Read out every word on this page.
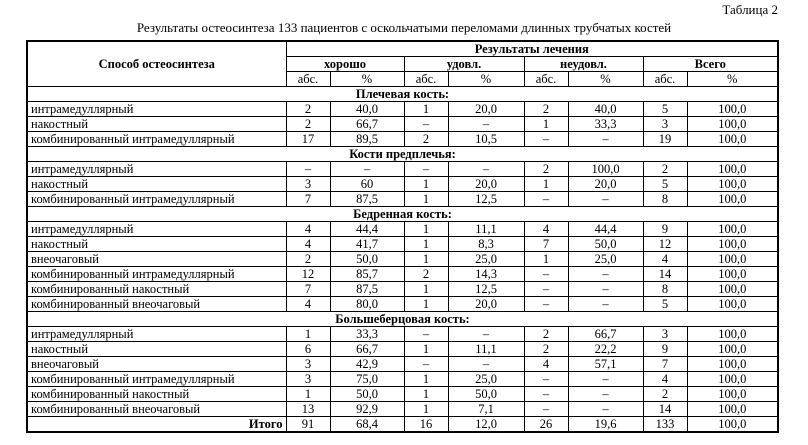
Таблица 2
Результаты остеосинтеза 133 пациентов с оскольчатыми переломами длинных трубчатых костей
Способ остеосинтеза	Результаты лечения							
	хорошо		удовл.		неудовл.		Всего	
	абс.	%	абс.	%	абс.	%	абс.	%
Плечевая кость:								
интрамедуллярный	2	40,0	1	20,0	2	40,0	5	100,0
накостный	2	66,7	–	–	1	33,3	3	100,0
комбинированный интрамедуллярный	17	89,5	2	10,5	–	–	19	100,0
Кости предплечья:								
интрамедуллярный	–	–	–	–	2	100,0	2	100,0
накостный	3	60	1	20,0	1	20,0	5	100,0
комбинированный интрамедуллярный	7	87,5	1	12,5	–	–	8	100,0
Бедренная кость:								
интрамедуллярный	4	44,4	1	11,1	4	44,4	9	100,0
накостный	4	41,7	1	8,3	7	50,0	12	100,0
внеочаговый	2	50,0	1	25,0	1	25,0	4	100,0
комбинированный интрамедуллярный	12	85,7	2	14,3	–	–	14	100,0
комбинированный накостный	7	87,5	1	12,5	–	–	8	100,0
комбинированный внеочаговый	4	80,0	1	20,0	–	–	5	100,0
Большеберцовая кость:								
интрамедуллярный	1	33,3	–	–	2	66,7	3	100,0
накостный	6	66,7	1	11,1	2	22,2	9	100,0
внеочаговый	3	42,9	–	–	4	57,1	7	100,0
комбинированный интрамедуллярный	3	75,0	1	25,0	–	–	4	100,0
комбинированный накостный	1	50,0	1	50,0	–	–	2	100,0
комбинированный внеочаговый	13	92,9	1	7,1	–	–	14	100,0
Итого	91	68,4	16	12,0	26	19,6	133	100,0
